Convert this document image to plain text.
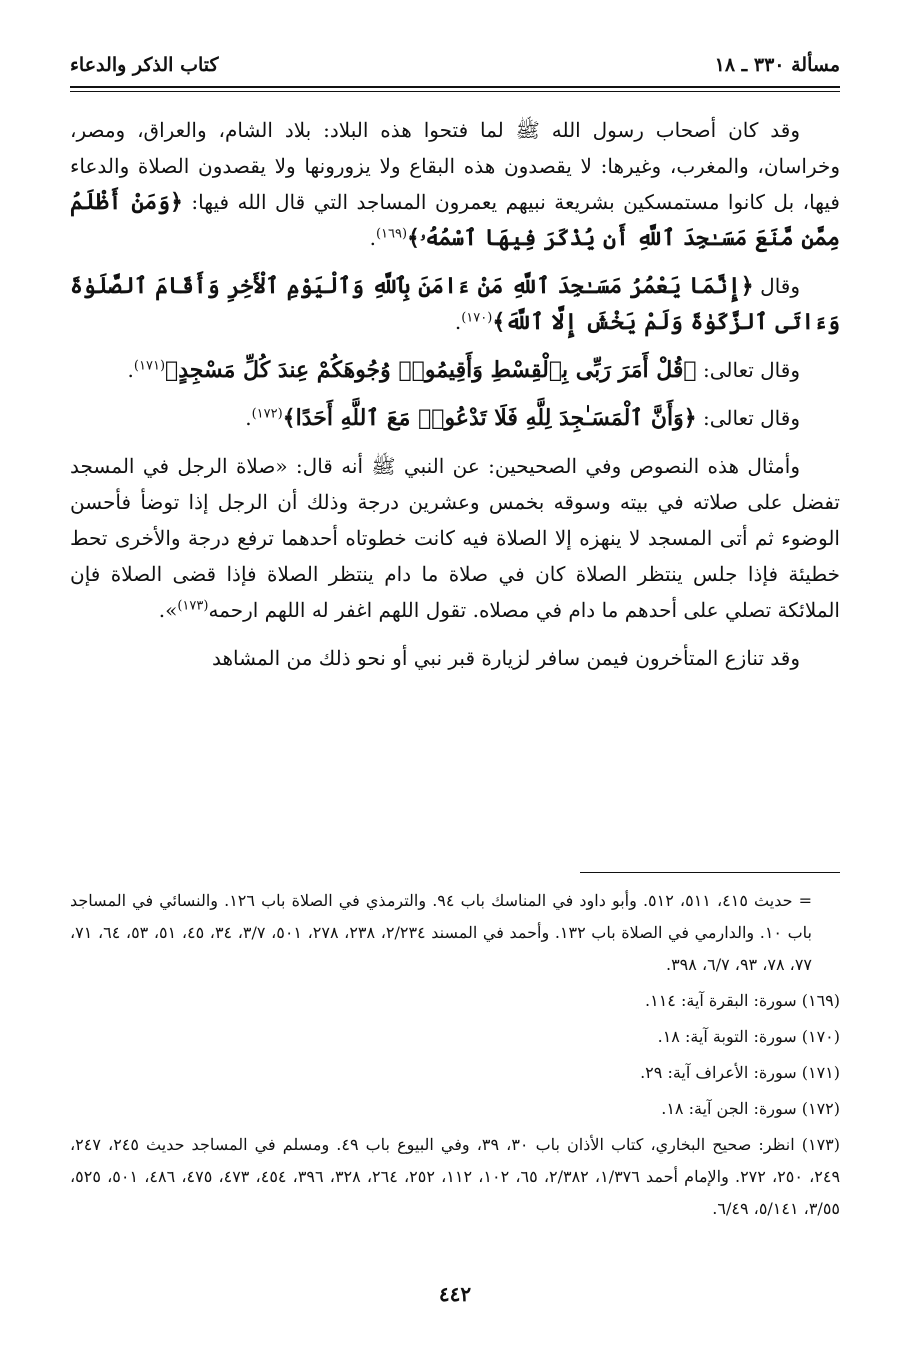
مسألة ٣٣٠ ـ ١٨
كتاب الذكر والدعاء

وقد كان أصحاب رسول الله ﷺ لما فتحوا هذه البلاد: بلاد الشام، والعراق، ومصر، وخراسان، والمغرب، وغيرها: لا يقصدون هذه البقاع ولا يزورونها ولا يقصدون الصلاة والدعاء فيها، بل كانوا مستمسكين بشريعة نبيهم يعمرون المساجد التي قال الله فيها: ﴿وَمَنْ أَظْلَمُ مِمَّن مَّنَعَ مَسَـٰجِدَ ٱللَّهِ أَن يُذْكَرَ فِيهَا ٱسْمُهُۥ﴾$^{(١٦٩)}$.

وقال ﴿إِنَّمَا يَعْمُرُ مَسَـٰجِدَ ٱللَّهِ مَنْ ءَامَنَ بِٱللَّهِ وَٱلْيَوْمِ ٱلْأَخِرِ وَأَقَامَ ٱلصَّلَوٰةَ وَءَاتَى ٱلزَّكَوٰةَ وَلَمْ يَخْشَ إِلَّا ٱللَّهَ﴾$^{(١٧٠)}$.

وقال تعالى: ﴿قُلْ أَمَرَ رَبِّى بِٱلْقِسْطِ وَأَقِيمُوا۟ وُجُوهَكُمْ عِندَ كُلِّ مَسْجِدٍ﴾$^{(١٧١)}$.

وقال تعالى: ﴿وَأَنَّ ٱلْمَسَـٰجِدَ لِلَّهِ فَلَا تَدْعُوا۟ مَعَ ٱللَّهِ أَحَدًا﴾$^{(١٧٢)}$.

وأمثال هذه النصوص وفي الصحيحين: عن النبي ﷺ أنه قال: «صلاة الرجل في المسجد تفضل على صلاته في بيته وسوقه بخمس وعشرين درجة وذلك أن الرجل إذا توضأ فأحسن الوضوء ثم أتى المسجد لا ينهزه إلا الصلاة فيه كانت خطوتاه أحدهما ترفع درجة والأخرى تحط خطيئة فإذا جلس ينتظر الصلاة كان في صلاة ما دام ينتظر الصلاة فإذا قضى الصلاة فإن الملائكة تصلي على أحدهم ما دام في مصلاه. تقول اللهم اغفر له اللهم ارحمه$^{(١٧٣)}$».

وقد تنازع المتأخرون فيمن سافر لزيارة قبر نبي أو نحو ذلك من المشاهد

= حديث ٤١٥، ٥١١، ٥١٢. وأبو داود في المناسك باب ٩٤. والترمذي في الصلاة باب ١٢٦. والنسائي في المساجد باب ١٠. والدارمي في الصلاة باب ١٣٢. وأحمد في المسند ٢/٢٣٤، ٢٣٨، ٢٧٨، ٥٠١، ٣/٧، ٣٤، ٤٥، ٥١، ٥٣، ٦٤، ٧١، ٧٧، ٧٨، ٩٣، ٦/٧، ٣٩٨.

(١٦٩) سورة: البقرة آية: ١١٤.

(١٧٠) سورة: التوبة آية: ١٨.

(١٧١) سورة: الأعراف آية: ٢٩.

(١٧٢) سورة: الجن آية: ١٨.

(١٧٣) انظر: صحيح البخاري، كتاب الأذان باب ٣٠، ٣٩، وفي البيوع باب ٤٩. ومسلم في المساجد حديث ٢٤٥، ٢٤٧، ٢٤٩، ٢٥٠، ٢٧٢. والإمام أحمد ١/٣٧٦، ٢/٣٨٢، ٦٥، ١٠٢، ١١٢، ٢٥٢، ٢٦٤، ٣٢٨، ٣٩٦، ٤٥٤، ٤٧٣، ٤٧٥، ٤٨٦، ٥٠١، ٥٢٥، ٣/٥٥، ٥/١٤١، ٦/٤٩.

٤٤٢
